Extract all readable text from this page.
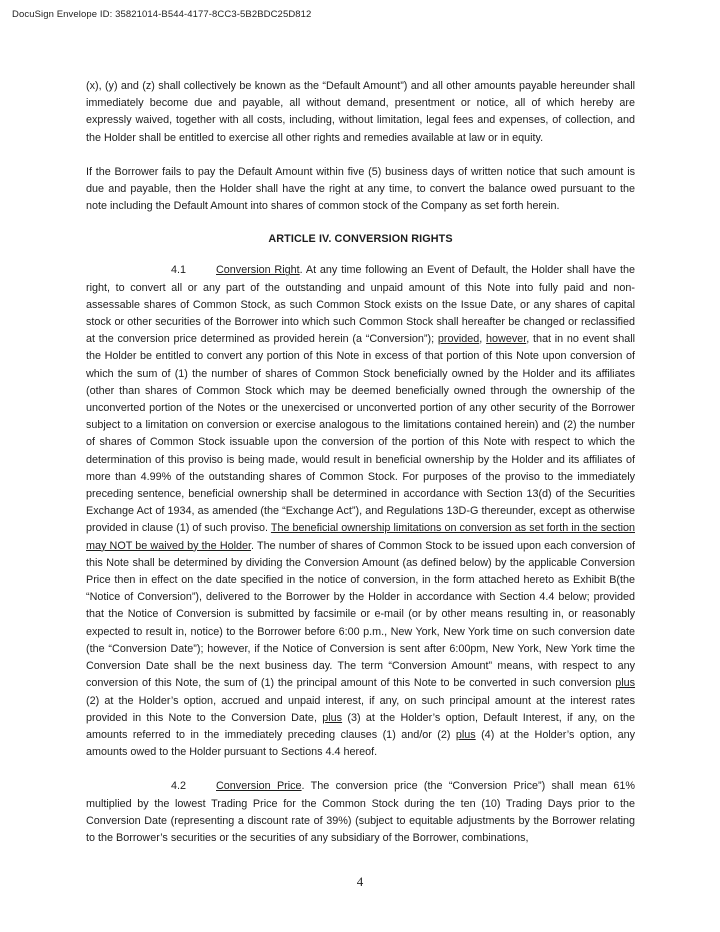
DocuSign Envelope ID: 35821014-B544-4177-8CC3-5B2BDC25D812

(x), (y) and (z) shall collectively be known as the “Default Amount”) and all other amounts payable hereunder shall immediately become due and payable, all without demand, presentment or notice, all of which hereby are expressly waived, together with all costs, including, without limitation, legal fees and expenses, of collection, and the Holder shall be entitled to exercise all other rights and remedies available at law or in equity.

If the Borrower fails to pay the Default Amount within five (5) business days of written notice that such amount is due and payable, then the Holder shall have the right at any time, to convert the balance owed pursuant to the note including the Default Amount into shares of common stock of the Company as set forth herein.

ARTICLE IV. CONVERSION RIGHTS

4.1	Conversion Right. At any time following an Event of Default, the Holder shall have the right, to convert all or any part of the outstanding and unpaid amount of this Note into fully paid and non-assessable shares of Common Stock, as such Common Stock exists on the Issue Date, or any shares of capital stock or other securities of the Borrower into which such Common Stock shall hereafter be changed or reclassified at the conversion price determined as provided herein (a “Conversion”); provided, however, that in no event shall the Holder be entitled to convert any portion of this Note in excess of that portion of this Note upon conversion of which the sum of (1) the number of shares of Common Stock beneficially owned by the Holder and its affiliates (other than shares of Common Stock which may be deemed beneficially owned through the ownership of the unconverted portion of the Notes or the unexercised or unconverted portion of any other security of the Borrower subject to a limitation on conversion or exercise analogous to the limitations contained herein) and (2) the number of shares of Common Stock issuable upon the conversion of the portion of this Note with respect to which the determination of this proviso is being made, would result in beneficial ownership by the Holder and its affiliates of more than 4.99% of the outstanding shares of Common Stock. For purposes of the proviso to the immediately preceding sentence, beneficial ownership shall be determined in accordance with Section 13(d) of the Securities Exchange Act of 1934, as amended (the “Exchange Act”), and Regulations 13D-G thereunder, except as otherwise provided in clause (1) of such proviso. The beneficial ownership limitations on conversion as set forth in the section may NOT be waived by the Holder. The number of shares of Common Stock to be issued upon each conversion of this Note shall be determined by dividing the Conversion Amount (as defined below) by the applicable Conversion Price then in effect on the date specified in the notice of conversion, in the form attached hereto as Exhibit B(the “Notice of Conversion”), delivered to the Borrower by the Holder in accordance with Section 4.4 below; provided that the Notice of Conversion is submitted by facsimile or e-mail (or by other means resulting in, or reasonably expected to result in, notice) to the Borrower before 6:00 p.m., New York, New York time on such conversion date (the “Conversion Date”); however, if the Notice of Conversion is sent after 6:00pm, New York, New York time the Conversion Date shall be the next business day. The term “Conversion Amount” means, with respect to any conversion of this Note, the sum of (1) the principal amount of this Note to be converted in such conversion plus (2) at the Holder’s option, accrued and unpaid interest, if any, on such principal amount at the interest rates provided in this Note to the Conversion Date, plus (3) at the Holder’s option, Default Interest, if any, on the amounts referred to in the immediately preceding clauses (1) and/or (2) plus (4) at the Holder’s option, any amounts owed to the Holder pursuant to Sections 4.4 hereof.

4.2	Conversion Price. The conversion price (the “Conversion Price”) shall mean 61% multiplied by the lowest Trading Price for the Common Stock during the ten (10) Trading Days prior to the Conversion Date (representing a discount rate of 39%) (subject to equitable adjustments by the Borrower relating to the Borrower’s securities or the securities of any subsidiary of the Borrower, combinations,

4
